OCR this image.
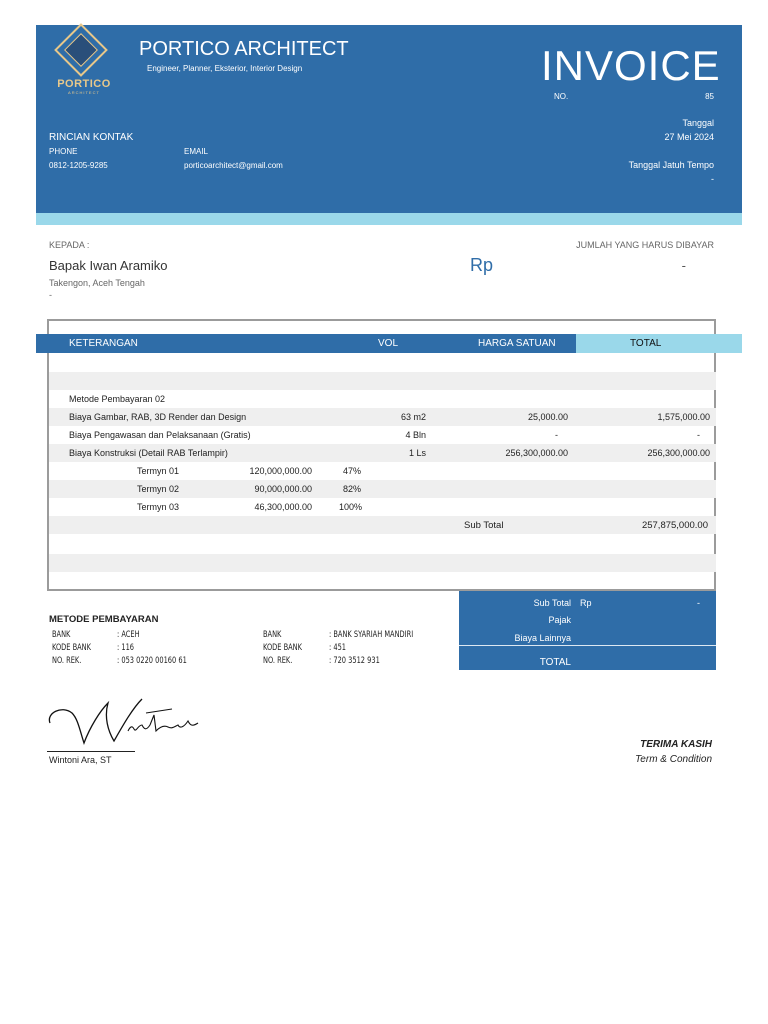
PORTICO
ARCHITECT
PORTICO ARCHITECT
Engineer, Planner, Eksterior, Interior Design	INVOICE
NO.	85
RINCIAN KONTAK
PHONE
0812-1205-9285
EMAIL
porticoarchitect@gmail.com
Tanggal
27 Mei 2024
Tanggal Jatuh Tempo
-
KEPADA :
Bapak Iwan Aramiko
Takengon, Aceh Tengah
-
JUMLAH YANG HARUS DIBAYAR
Rp	-
KETERANGAN	VOL	HARGA SATUAN	TOTAL
Metode Pembayaran 02
Biaya Gambar, RAB, 3D Render dan Design	63 m2	25,000.00	1,575,000.00
Biaya Pengawasan dan Pelaksanaan (Gratis)	4 Bln	-	-
Biaya Konstruksi (Detail RAB Terlampir)	1 Ls	256,300,000.00	256,300,000.00
Termyn 01	120,000,000.00	47%
Termyn 02	90,000,000.00	82%
Termyn 03	46,300,000.00	100%
Sub Total	257,875,000.00
METODE PEMBAYARAN
BANK	: ACEH
KODE BANK	: 116
NO. REK.	: 053 0220 00160 61
BANK	: BANK SYARIAH MANDIRI
KODE BANK	: 451
NO. REK.	: 720 3512 931
Sub Total Rp	-
Pajak
Biaya Lainnya
TOTAL
Wintoni Ara, ST
TERIMA KASIH
Term & Condition
